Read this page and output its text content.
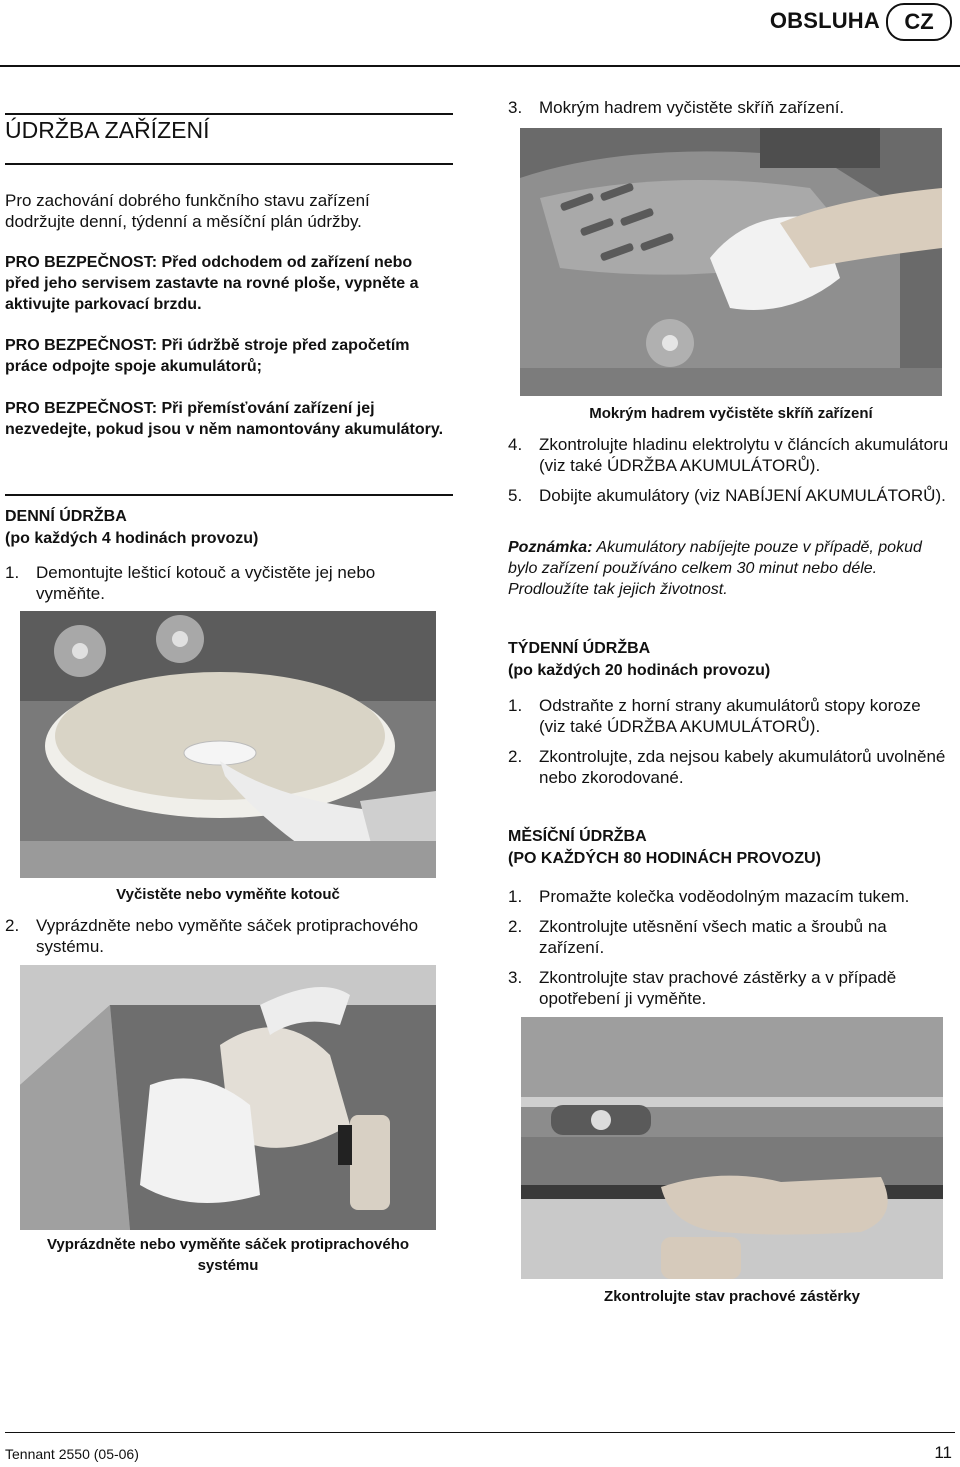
OBSLUHA	CZ
ÚDRŽBA ZAŘÍZENÍ
Pro zachování dobrého funkčního stavu zařízení dodržujte denní, týdenní a měsíční plán údržby.
PRO BEZPEČNOST: Před odchodem od zařízení nebo před jeho servisem zastavte na rovné ploše, vypněte a aktivujte parkovací brzdu.
PRO BEZPEČNOST: Při údržbě stroje před započetím práce odpojte spoje akumulátorů;
PRO BEZPEČNOST: Při přemísťování zařízení jej nezvedejte, pokud jsou v něm namontovány akumulátory.
DENNÍ ÚDRŽBA
(po každých 4 hodinách provozu)
1. Demontujte lešticí kotouč a vyčistěte jej nebo vyměňte.
Vyčistěte nebo vyměňte kotouč
2. Vyprázdněte nebo vyměňte sáček protiprachového systému.
Vyprázdněte nebo vyměňte sáček protiprachového systému
3. Mokrým hadrem vyčistěte skříň zařízení.
Mokrým hadrem vyčistěte skříň zařízení
4. Zkontrolujte hladinu elektrolytu v článcích akumulátoru (viz také ÚDRŽBA AKUMULÁTORŮ).
5. Dobijte akumulátory (viz NABÍJENÍ AKUMULÁTORŮ).
Poznámka: Akumulátory nabíjejte pouze v případě, pokud bylo zařízení používáno celkem 30 minut nebo déle. Prodloužíte tak jejich životnost.
TÝDENNÍ ÚDRŽBA
(po každých 20 hodinách provozu)
1. Odstraňte z horní strany akumulátorů stopy koroze (viz také ÚDRŽBA AKUMULÁTORŮ).
2. Zkontrolujte, zda nejsou kabely akumulátorů uvolněné nebo zkorodované.
MĚSÍČNÍ ÚDRŽBA
(PO KAŽDÝCH 80 HODINÁCH PROVOZU)
1. Promažte kolečka voděodolným mazacím tukem.
2. Zkontrolujte utěsnění všech matic a šroubů na zařízení.
3. Zkontrolujte stav prachové zástěrky a v případě opotřebení ji vyměňte.
Zkontrolujte stav prachové zástěrky
Tennant 2550 (05-06)	11
